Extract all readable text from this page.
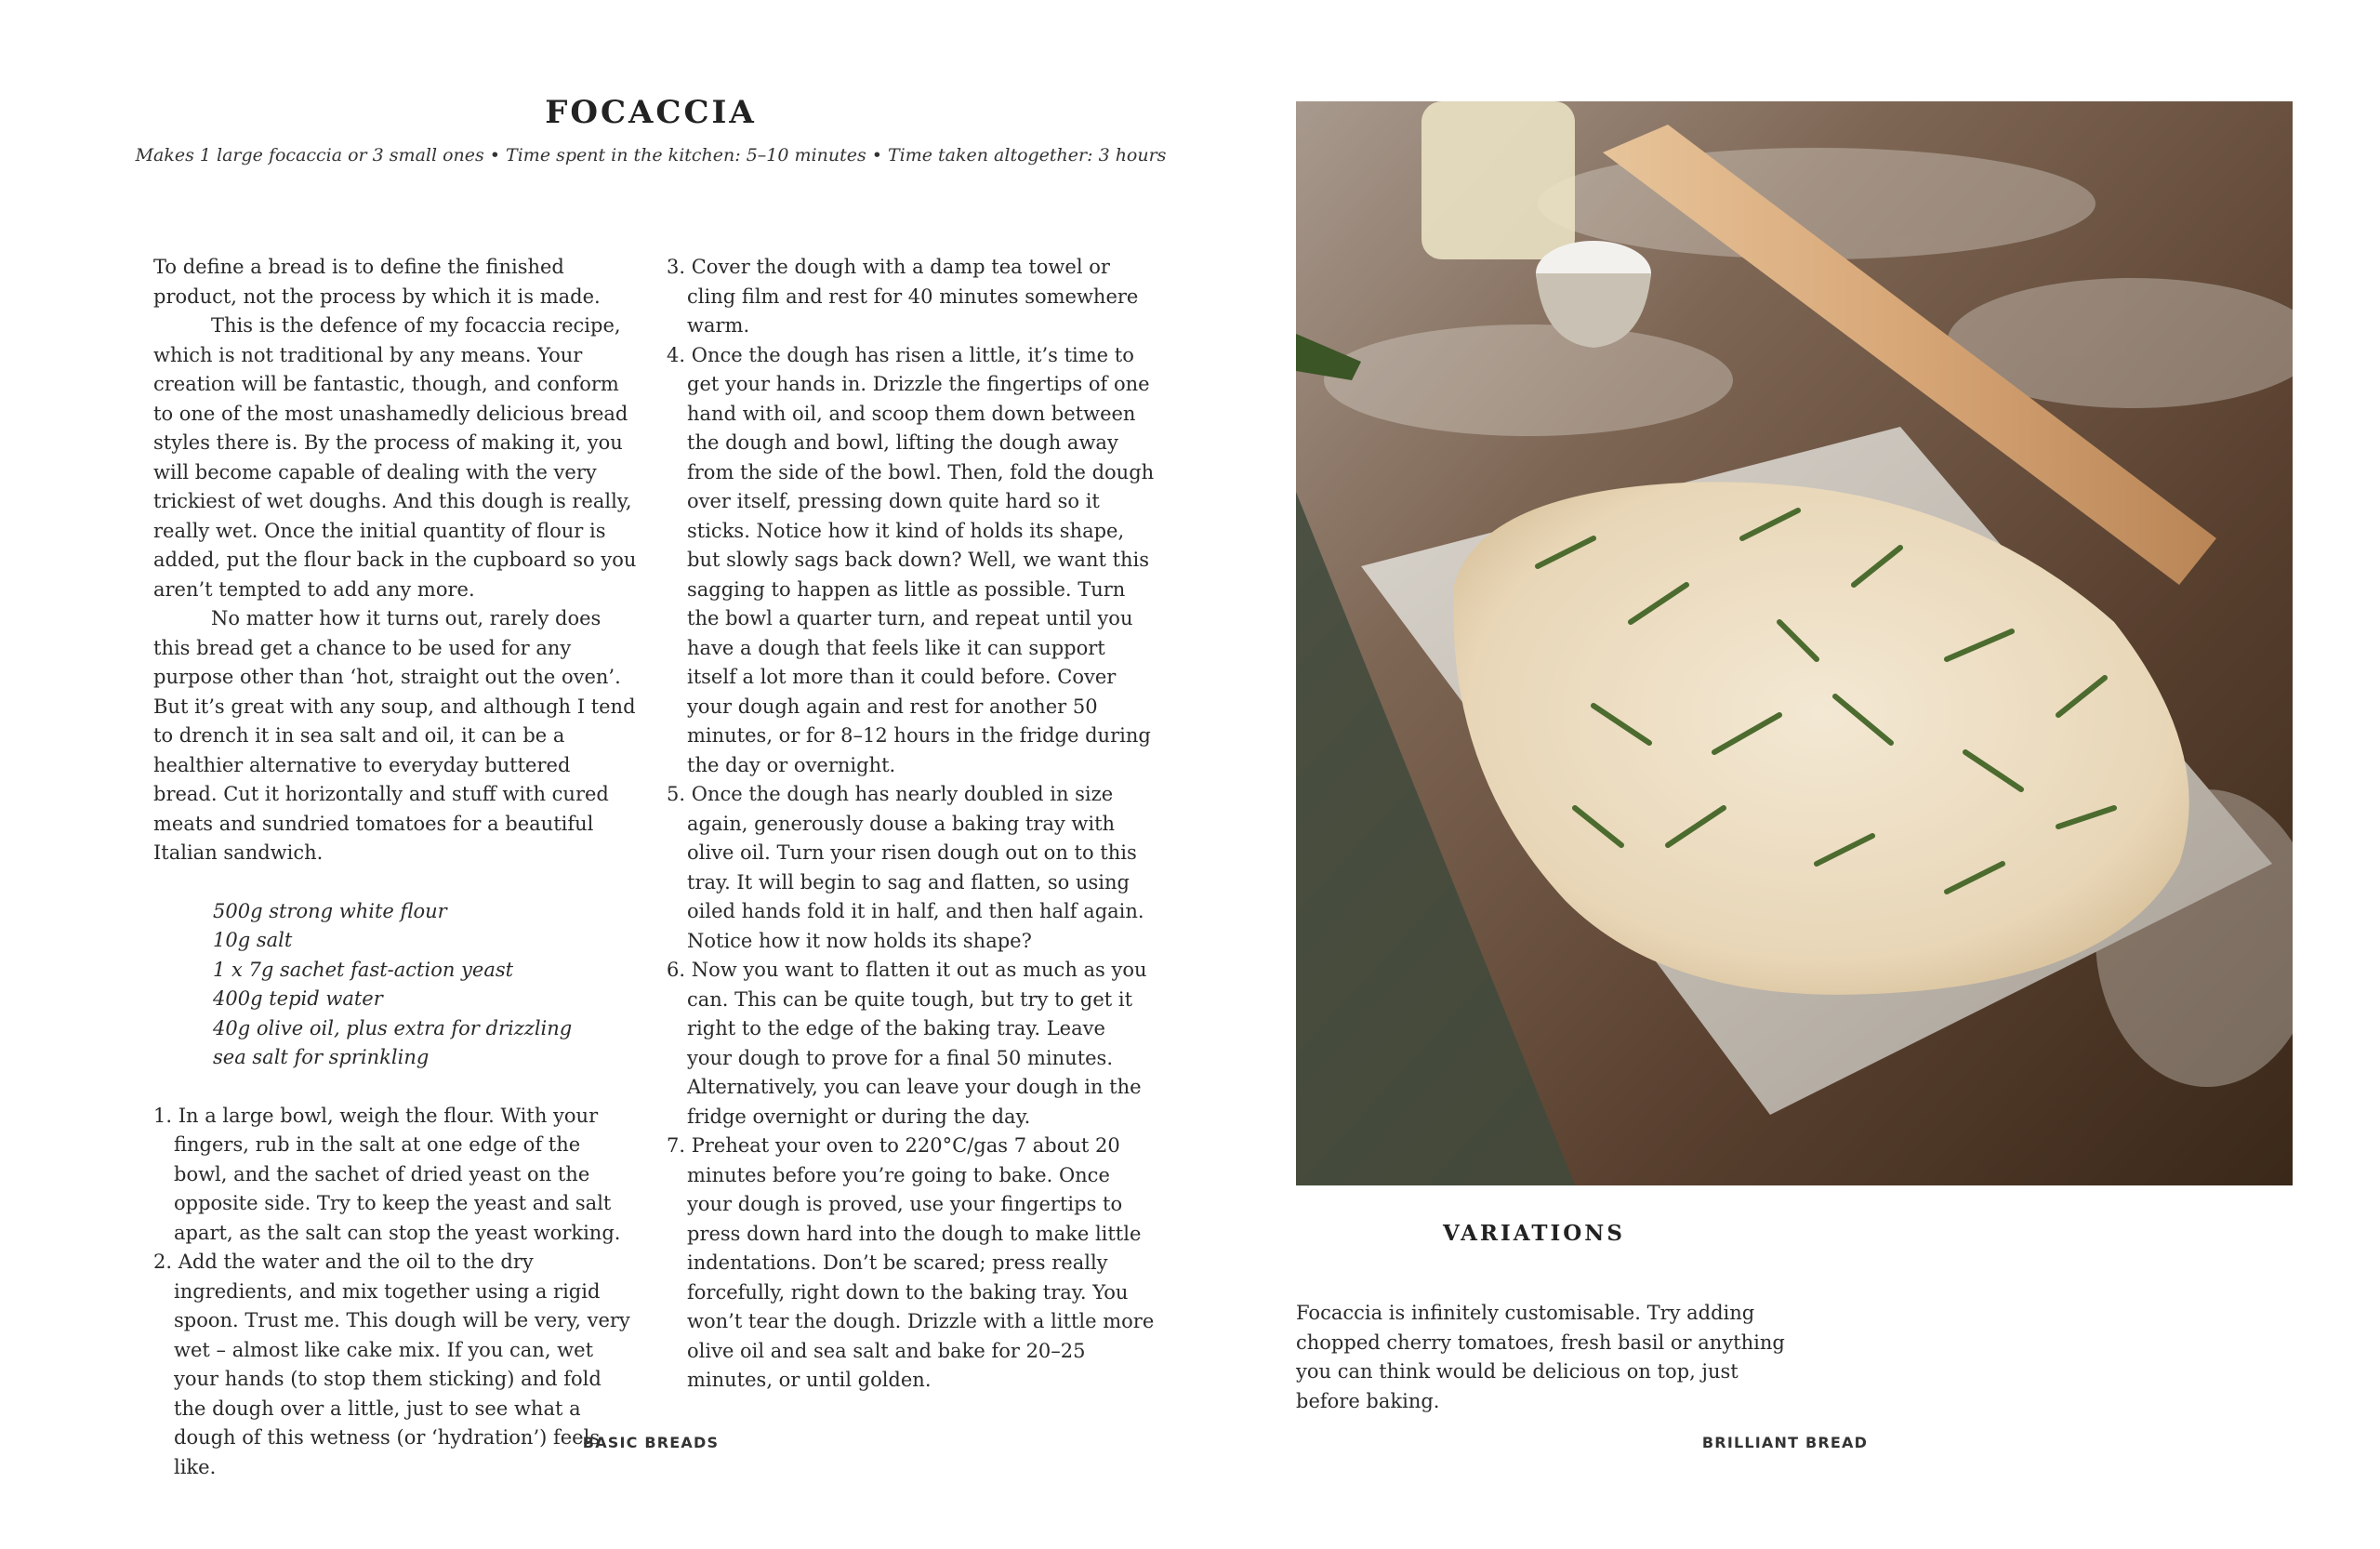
FOCACCIA
Makes 1 large focaccia or 3 small ones • Time spent in the kitchen: 5–10 minutes • Time taken altogether: 3 hours

To define a bread is to define the finished product, not the process by which it is made.

This is the defence of my focaccia recipe, which is not traditional by any means. Your creation will be fantastic, though, and conform to one of the most unashamedly delicious bread styles there is. By the process of making it, you will become capable of dealing with the very trickiest of wet doughs. And this dough is really, really wet. Once the initial quantity of flour is added, put the flour back in the cupboard so you aren’t tempted to add any more.

No matter how it turns out, rarely does this bread get a chance to be used for any purpose other than ‘hot, straight out the oven’. But it’s great with any soup, and although I tend to drench it in sea salt and oil, it can be a healthier alternative to everyday buttered bread. Cut it horizontally and stuff with cured meats and sundried tomatoes for a beautiful Italian sandwich.

500g strong white flour
10g salt
1 x 7g sachet fast-action yeast
400g tepid water
40g olive oil, plus extra for drizzling
sea salt for sprinkling

1. In a large bowl, weigh the flour. With your fingers, rub in the salt at one edge of the bowl, and the sachet of dried yeast on the opposite side. Try to keep the yeast and salt apart, as the salt can stop the yeast working.

2. Add the water and the oil to the dry ingredients, and mix together using a rigid spoon. Trust me. This dough will be very, very wet – almost like cake mix. If you can, wet your hands (to stop them sticking) and fold the dough over a little, just to see what a dough of this wetness (or ‘hydration’) feels like.

3. Cover the dough with a damp tea towel or cling film and rest for 40 minutes somewhere warm.

4. Once the dough has risen a little, it’s time to get your hands in. Drizzle the fingertips of one hand with oil, and scoop them down between the dough and bowl, lifting the dough away from the side of the bowl. Then, fold the dough over itself, pressing down quite hard so it sticks. Notice how it kind of holds its shape, but slowly sags back down? Well, we want this sagging to happen as little as possible. Turn the bowl a quarter turn, and repeat until you have a dough that feels like it can support itself a lot more than it could before. Cover your dough again and rest for another 50 minutes, or for 8–12 hours in the fridge during the day or overnight.

5. Once the dough has nearly doubled in size again, generously douse a baking tray with olive oil. Turn your risen dough out on to this tray. It will begin to sag and flatten, so using oiled hands fold it in half, and then half again. Notice how it now holds its shape?

6. Now you want to flatten it out as much as you can. This can be quite tough, but try to get it right to the edge of the baking tray. Leave your dough to prove for a final 50 minutes. Alternatively, you can leave your dough in the fridge overnight or during the day.

7. Preheat your oven to 220°C/gas 7 about 20 minutes before you’re going to bake. Once your dough is proved, use your fingertips to press down hard into the dough to make little indentations. Don’t be scared; press really forcefully, right down to the baking tray. You won’t tear the dough. Drizzle with a little more olive oil and sea salt and bake for 20–25 minutes, or until golden.

BASIC BREADS
VARIATIONS

Focaccia is infinitely customisable. Try adding chopped cherry tomatoes, fresh basil or anything you can think would be delicious on top, just before baking.

BRILLIANT BREAD
